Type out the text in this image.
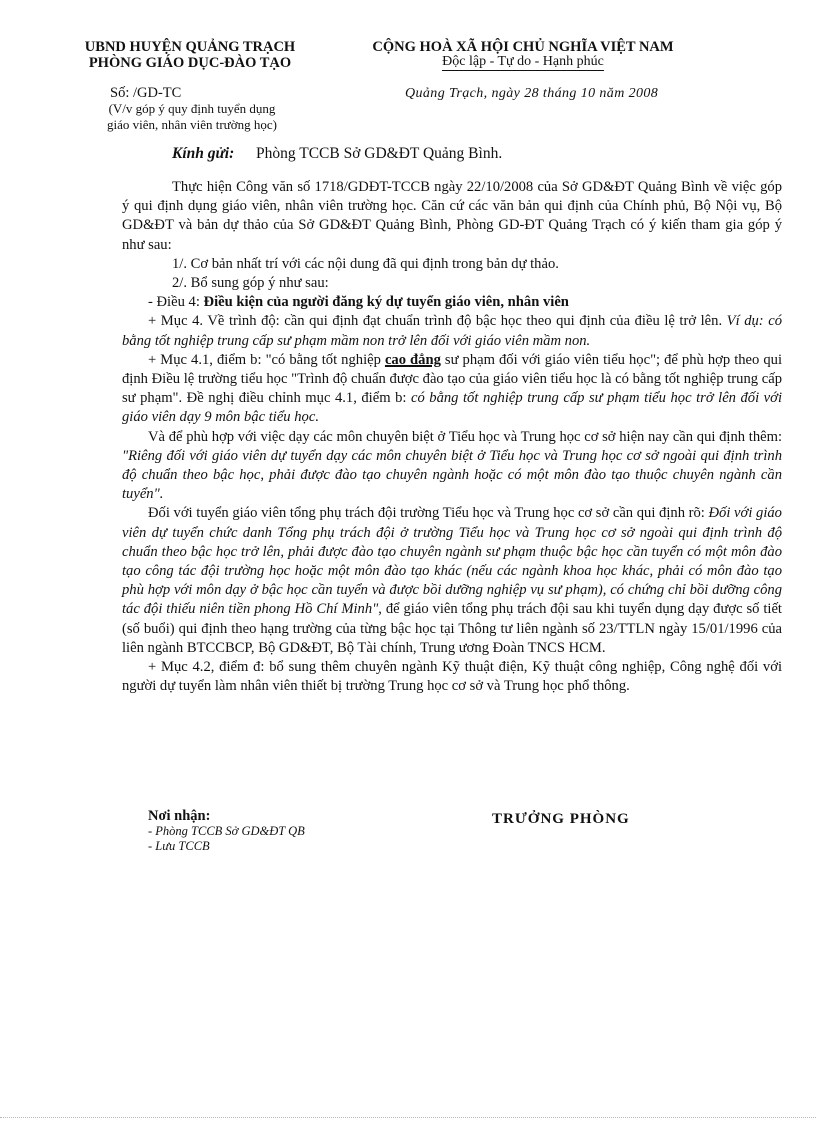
UBND HUYỆN QUẢNG TRẠCH
PHÒNG GIÁO DỤC-ĐÀO TẠO
Số: /GD-TC
(V/v góp ý quy định tuyển dụng
giáo viên, nhân viên trường học)
CỘNG HOÀ XÃ HỘI CHỦ NGHĨA VIỆT NAM
Độc lập - Tự do - Hạnh phúc
Quảng Trạch, ngày 28 tháng 10 năm 2008
Kính gửi: Phòng TCCB Sở GD&ĐT Quảng Bình.

Thực hiện Công văn số 1718/GDĐT-TCCB ngày 22/10/2008 của Sở GD&ĐT Quảng Bình về việc góp ý qui định dụng giáo viên, nhân viên trường học. Căn cứ các văn bản qui định của Chính phủ, Bộ Nội vụ, Bộ GD&ĐT và bản dự thảo của Sở GD&ĐT Quảng Bình, Phòng GD-ĐT Quảng Trạch có ý kiến tham gia góp ý như sau:

1/. Cơ bản nhất trí với các nội dung đã qui định trong bản dự thảo.

2/. Bổ sung góp ý như sau:

- Điều 4: Điều kiện của người đăng ký dự tuyển giáo viên, nhân viên

+ Mục 4. Về trình độ: cần qui định đạt chuẩn trình độ bậc học theo qui định của điều lệ trở lên. Ví dụ: có bằng tốt nghiệp trung cấp sư phạm mầm non trở lên đối với giáo viên mầm non.

+ Mục 4.1, điểm b: "có bằng tốt nghiệp cao đẳng sư phạm đối với giáo viên tiểu học"; để phù hợp theo qui định Điều lệ trường tiểu học "Trình độ chuẩn được đào tạo của giáo viên tiểu học là có bằng tốt nghiệp trung cấp sư phạm". Đề nghị điều chỉnh mục 4.1, điểm b: có bằng tốt nghiệp trung cấp sư phạm tiểu học trở lên đối với giáo viên dạy 9 môn bậc tiểu học.

Và để phù hợp với việc dạy các môn chuyên biệt ở Tiểu học và Trung học cơ sở hiện nay cần qui định thêm: "Riêng đối với giáo viên dự tuyển dạy các môn chuyên biệt ở Tiểu học và Trung học cơ sở ngoài qui định trình độ chuẩn theo bậc học, phải được đào tạo chuyên ngành hoặc có một môn đào tạo thuộc chuyên ngành cần tuyển".

Đối với tuyển giáo viên tổng phụ trách đội trường Tiểu học và Trung học cơ sở cần qui định rõ: Đối với giáo viên dự tuyển chức danh Tổng phụ trách đội ở trường Tiểu học và Trung học cơ sở ngoài qui định trình độ chuẩn theo bậc học trở lên, phải được đào tạo chuyên ngành sư phạm thuộc bậc học cần tuyển có một môn đào tạo công tác đội trường học hoặc một môn đào tạo khác (nếu các ngành khoa học khác, phải có môn đào tạo phù hợp với môn dạy ở bậc học cần tuyển và được bồi dưỡng nghiệp vụ sư phạm), có chứng chỉ bồi dưỡng công tác đội thiếu niên tiền phong Hồ Chí Minh", để giáo viên tổng phụ trách đội sau khi tuyển dụng dạy được số tiết (số buổi) qui định theo hạng trường của từng bậc học tại Thông tư liên ngành số 23/TTLN ngày 15/01/1996 của liên ngành BTCCBCP, Bộ GD&ĐT, Bộ Tài chính, Trung ương Đoàn TNCS HCM.

+ Mục 4.2, điểm đ: bổ sung thêm chuyên ngành Kỹ thuật điện, Kỹ thuật công nghiệp, Công nghệ đối với người dự tuyển làm nhân viên thiết bị trường Trung học cơ sở và Trung học phổ thông.

Nơi nhận:
- Phòng TCCB Sở GD&ĐT QB
- Lưu TCCB
TRƯỞNG PHÒNG
